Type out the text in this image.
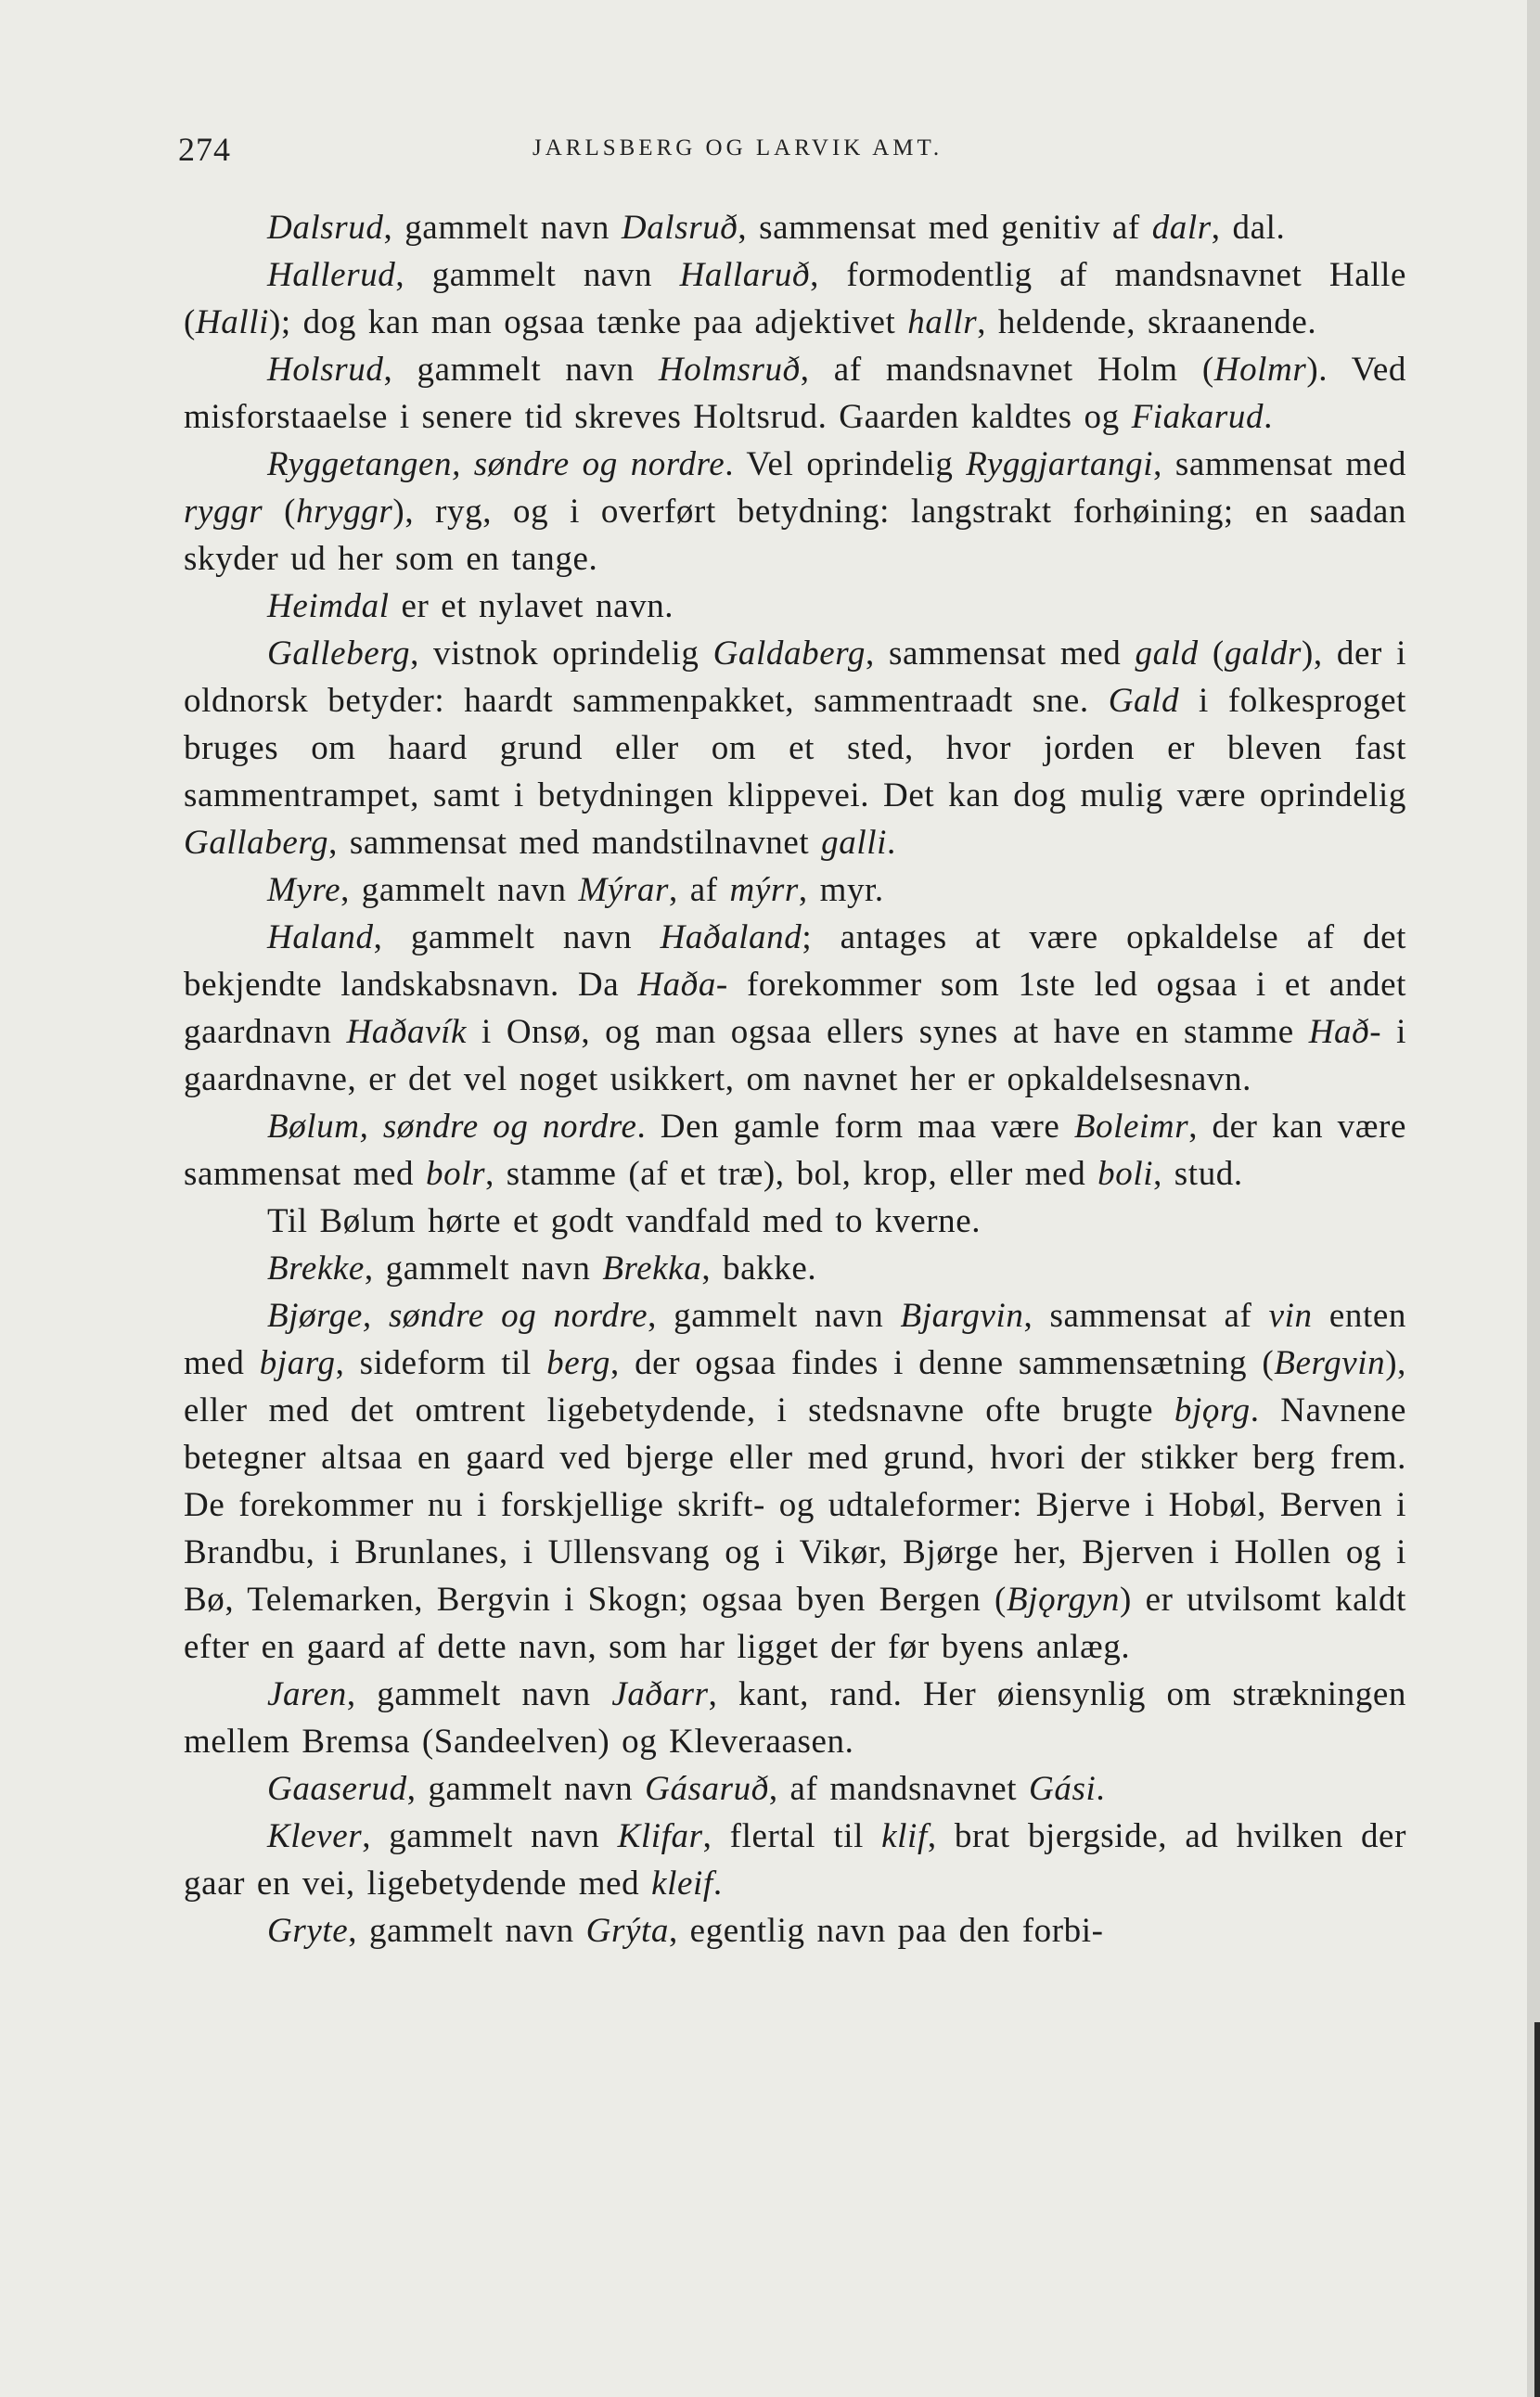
274	JARLSBERG OG LARVIK AMT.

Dalsrud, gammelt navn Dalsruð, sammensat med genitiv af dalr, dal.

Hallerud, gammelt navn Hallaruð, formodentlig af mandsnavnet Halle (Halli); dog kan man ogsaa tænke paa adjektivet hallr, heldende, skraanende.

Holsrud, gammelt navn Holmsruð, af mandsnavnet Holm (Holmr). Ved misforstaaelse i senere tid skreves Holtsrud. Gaarden kaldtes og Fiakarud.

Ryggetangen, søndre og nordre. Vel oprindelig Ryggjartangi, sammensat med ryggr (hryggr), ryg, og i overført betydning: langstrakt forhøining; en saadan skyder ud her som en tange.

Heimdal er et nylavet navn.

Galleberg, vistnok oprindelig Galdaberg, sammensat med gald (galdr), der i oldnorsk betyder: haardt sammenpakket, sammentraadt sne. Gald i folkesproget bruges om haard grund eller om et sted, hvor jorden er bleven fast sammentrampet, samt i betydningen klippevei. Det kan dog mulig være oprindelig Gallaberg, sammensat med mandstilnavnet galli.

Myre, gammelt navn Mýrar, af mýrr, myr.

Haland, gammelt navn Haðaland; antages at være opkaldelse af det bekjendte landskabsnavn. Da Haða- forekommer som 1ste led ogsaa i et andet gaardnavn Haðavík i Onsø, og man ogsaa ellers synes at have en stamme Hað- i gaardnavne, er det vel noget usikkert, om navnet her er opkaldelsesnavn.

Bølum, søndre og nordre. Den gamle form maa være Boleimr, der kan være sammensat med bolr, stamme (af et træ), bol, krop, eller med boli, stud.

Til Bølum hørte et godt vandfald med to kverne.

Brekke, gammelt navn Brekka, bakke.

Bjørge, søndre og nordre, gammelt navn Bjargvin, sammensat af vin enten med bjarg, sideform til berg, der ogsaa findes i denne sammensætning (Bergvin), eller med det omtrent ligebetydende, i stedsnavne ofte brugte bjǫrg. Navnene betegner altsaa en gaard ved bjerge eller med grund, hvori der stikker berg frem. De forekommer nu i forskjellige skrift- og udtaleformer: Bjerve i Hobøl, Berven i Brandbu, i Brunlanes, i Ullensvang og i Vikør, Bjørge her, Bjerven i Hollen og i Bø, Telemarken, Bergvin i Skogn; ogsaa byen Bergen (Bjǫrgyn) er utvilsomt kaldt efter en gaard af dette navn, som har ligget der før byens anlæg.

Jaren, gammelt navn Jaðarr, kant, rand. Her øiensynlig om strækningen mellem Bremsa (Sandeelven) og Kleveraasen.

Gaaserud, gammelt navn Gásaruð, af mandsnavnet Gási.

Klever, gammelt navn Klifar, flertal til klif, brat bjergside, ad hvilken der gaar en vei, ligebetydende med kleif.

Gryte, gammelt navn Grýta, egentlig navn paa den forbi-
